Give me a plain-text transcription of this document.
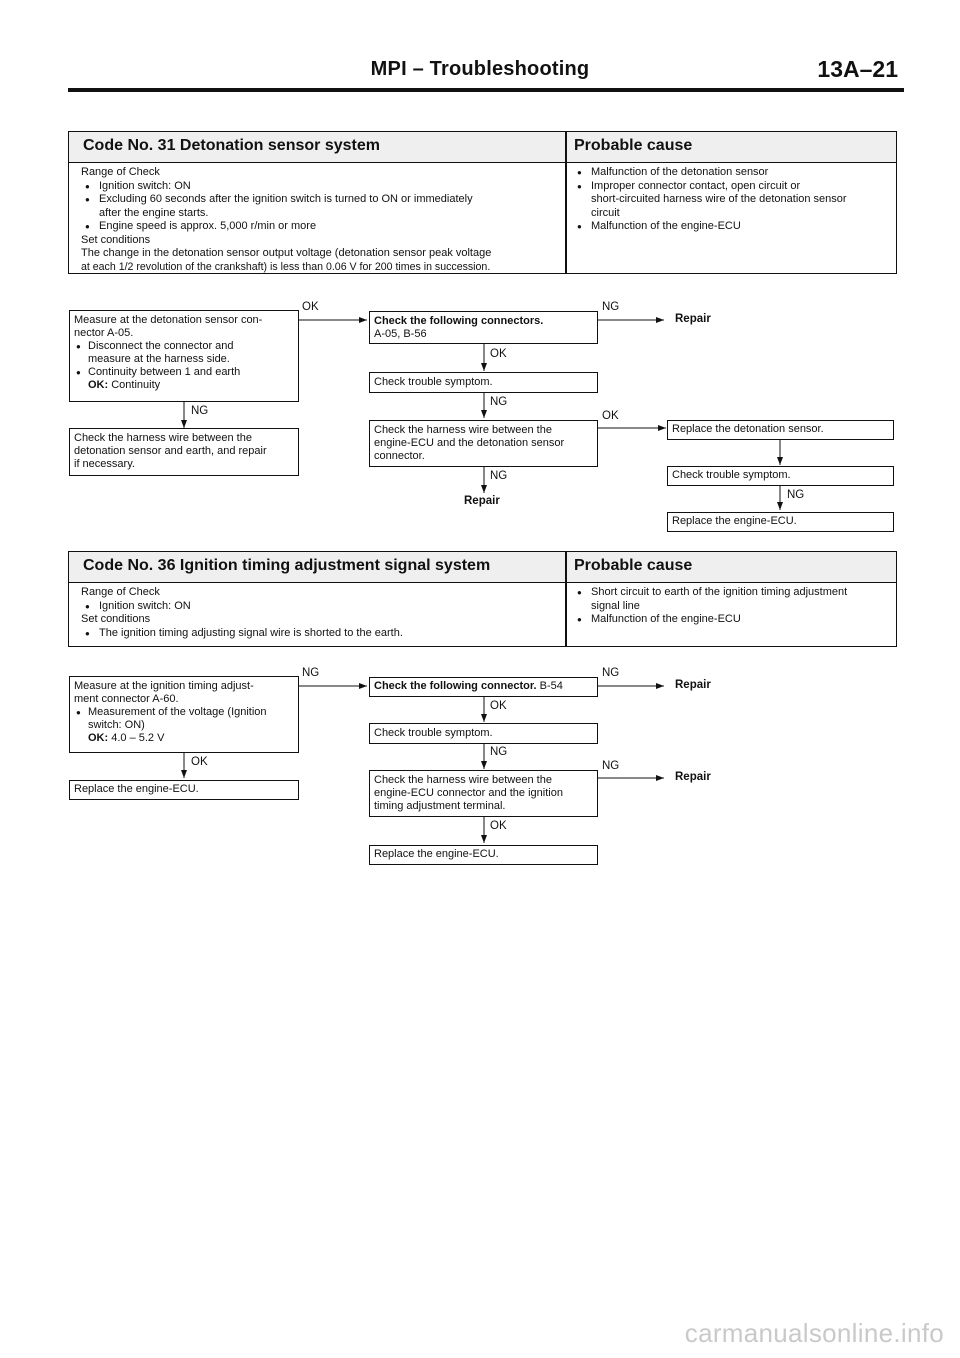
MPI – Troubleshooting	13A–21
Code No. 31 Detonation sensor system	Probable cause
Range of Check
● Ignition switch: ON
● Excluding 60 seconds after the ignition switch is turned to ON or immediately
after the engine starts.
● Engine speed is approx. 5,000 r/min or more
Set conditions
The change in the detonation sensor output voltage (detonation sensor peak voltage
at each 1/2 revolution of the crankshaft) is less than 0.06 V for 200 times in succession.
● Malfunction of the detonation sensor
● Improper connector contact, open circuit or
short-circuited harness wire of the detonation sensor
circuit
● Malfunction of the engine-ECU
Measure at the detonation sensor con-
nector A-05.
● Disconnect the connector and
measure at the harness side.
● Continuity between 1 and earth
OK: Continuity
Check the harness wire between the
detonation sensor and earth, and repair
if necessary.
Check the following connectors.
A-05, B-56
Check trouble symptom.
Check the harness wire between the
engine-ECU and the detonation sensor
connector.
Replace the detonation sensor.
Check trouble symptom.
Replace the engine-ECU.
OK	NG
Repair
OK
NG
NG	OK
NG
Repair	NG
Code No. 36 Ignition timing adjustment signal system	Probable cause
Range of Check
● Ignition switch: ON
Set conditions
● The ignition timing adjusting signal wire is shorted to the earth.
● Short circuit to earth of the ignition timing adjustment
signal line
● Malfunction of the engine-ECU
Measure at the ignition timing adjust-
ment connector A-60.
● Measurement of the voltage (Ignition
switch: ON)
OK: 4.0 – 5.2 V
Replace the engine-ECU.
Check the following connector. B-54
Check trouble symptom.
Check the harness wire between the
engine-ECU connector and the ignition
timing adjustment terminal.
Replace the engine-ECU.
NG	NG
Repair
OK
NG
OK	NG
Repair
OK
carmanualsonline.info
